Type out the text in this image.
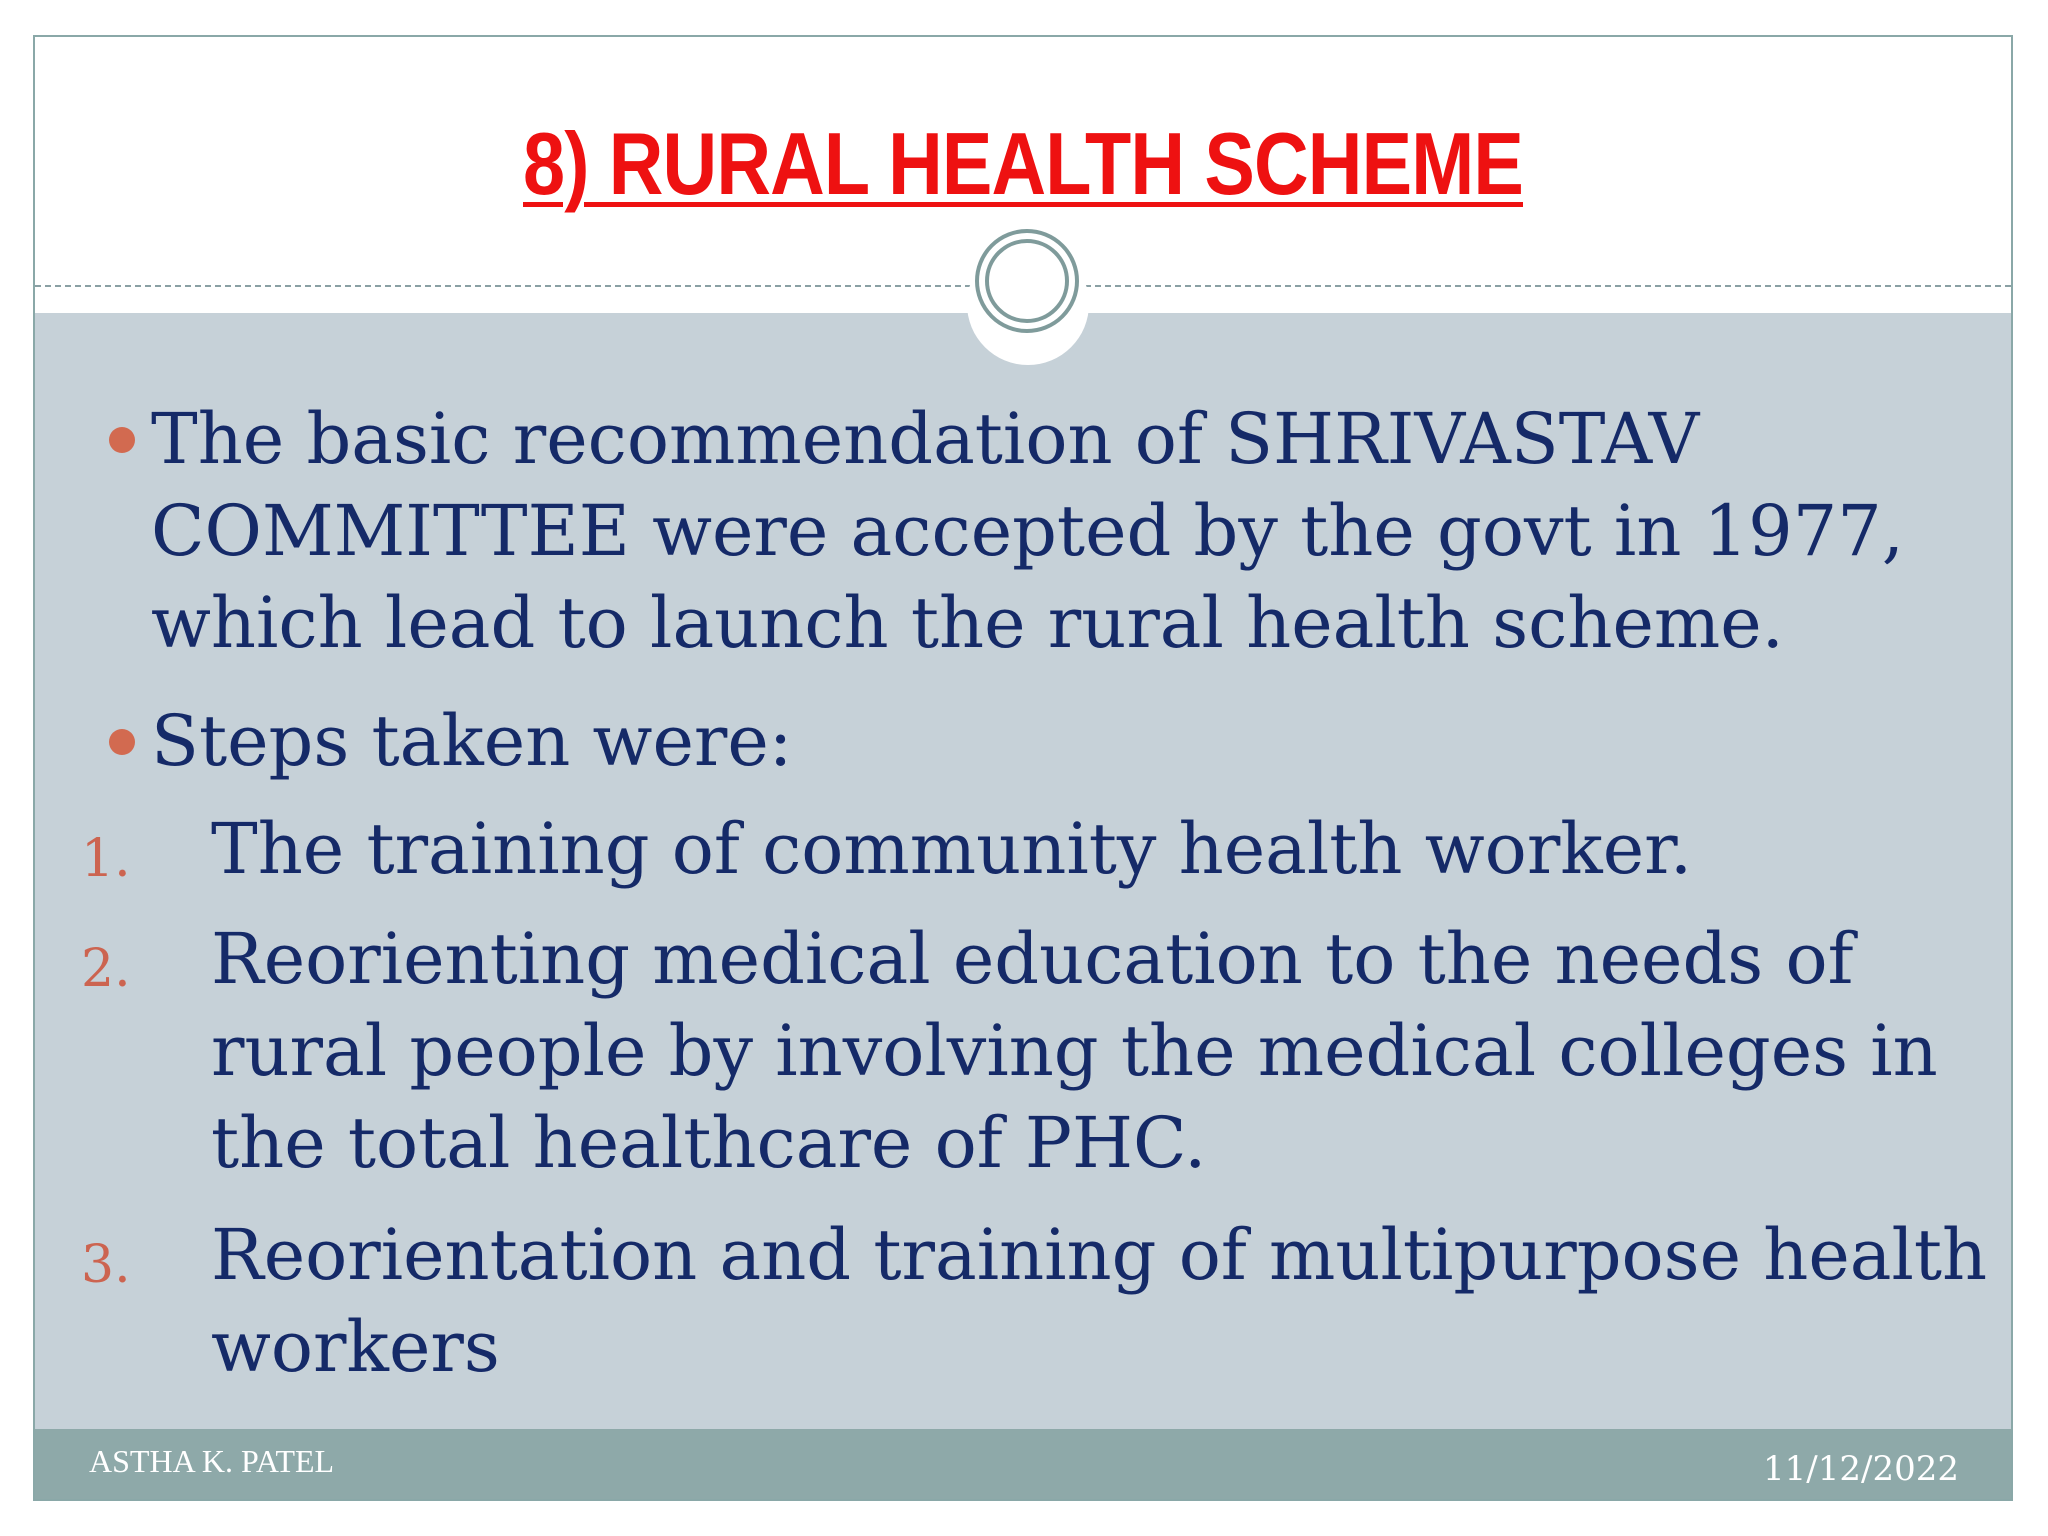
8) RURAL HEALTH SCHEME
The basic recommendation of SHRIVASTAV COMMITTEE were accepted by the govt in 1977, which lead to launch the rural health scheme.
Steps taken were:
1. The training of community health worker.
2. Reorienting medical education to the needs of rural people by involving the medical colleges in the total healthcare of PHC.
3. Reorientation and training of multipurpose health workers
ASTHA K. PATEL	11/12/2022
